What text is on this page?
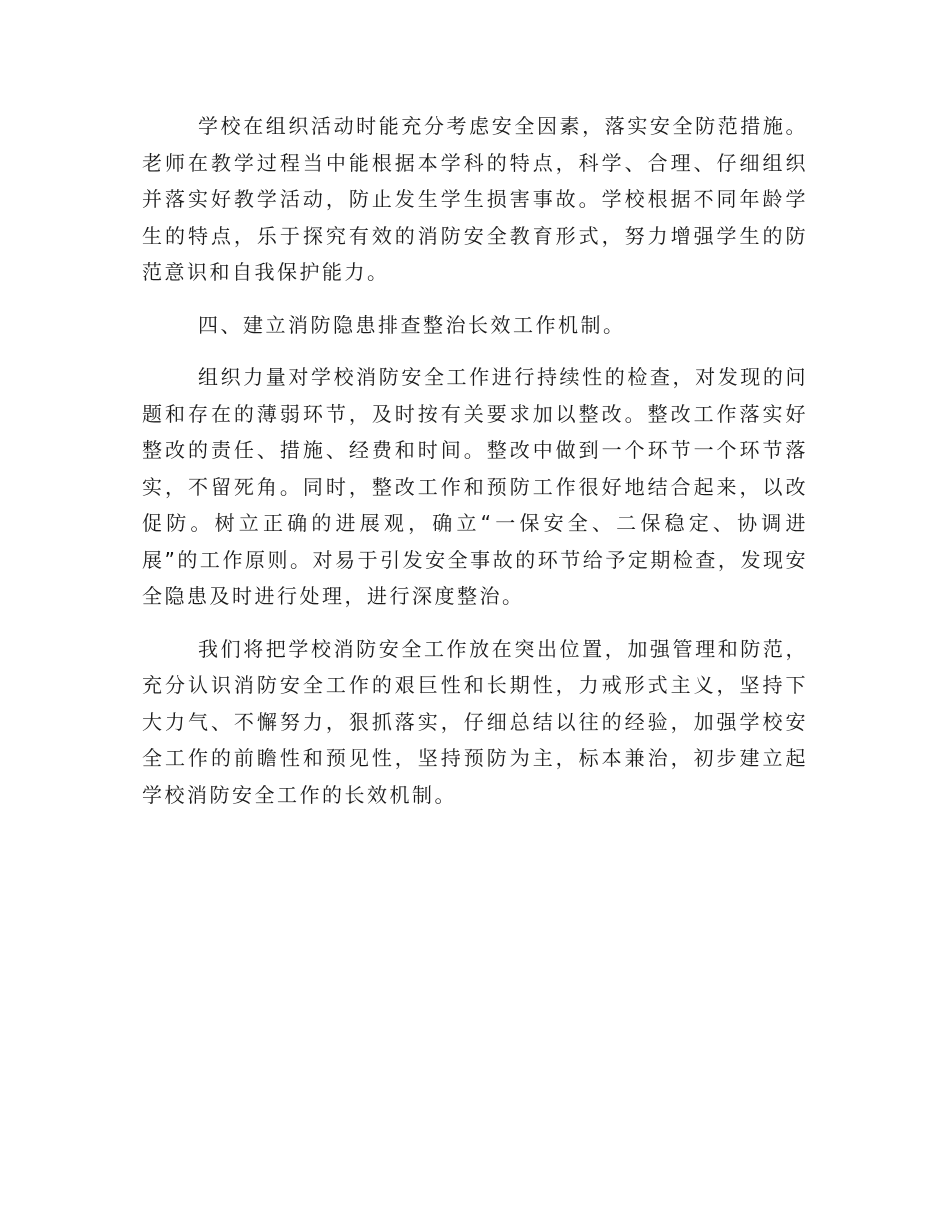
学校在组织活动时能充分考虑安全因素，落实安全防范措施。老师在教学过程当中能根据本学科的特点，科学、合理、仔细组织并落实好教学活动，防止发生学生损害事故。学校根据不同年龄学生的特点，乐于探究有效的消防安全教育形式，努力增强学生的防范意识和自我保护能力。

四、建立消防隐患排查整治长效工作机制。

组织力量对学校消防安全工作进行持续性的检查，对发现的问题和存在的薄弱环节，及时按有关要求加以整改。整改工作落实好整改的责任、措施、经费和时间。整改中做到一个环节一个环节落实，不留死角。同时，整改工作和预防工作很好地结合起来，以改促防。树立正确的进展观，确立“一保安全、二保稳定、协调进展”的工作原则。对易于引发安全事故的环节给予定期检查，发现安全隐患及时进行处理，进行深度整治。

我们将把学校消防安全工作放在突出位置，加强管理和防范，充分认识消防安全工作的艰巨性和长期性，力戒形式主义，坚持下大力气、不懈努力，狠抓落实，仔细总结以往的经验，加强学校安全工作的前瞻性和预见性，坚持预防为主，标本兼治，初步建立起学校消防安全工作的长效机制。
